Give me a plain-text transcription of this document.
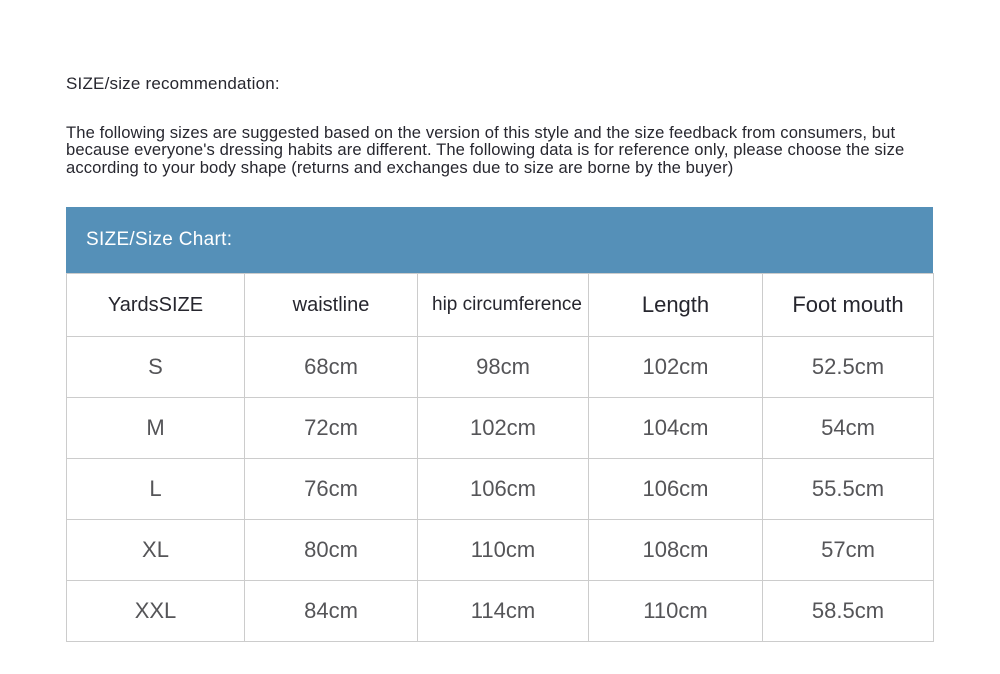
SIZE/size recommendation:
The following sizes are suggested based on the version of this style and the size feedback from consumers, but because everyone's dressing habits are different. The following data is for reference only, please choose the size according to your body shape (returns and exchanges due to size are borne by the buyer)
SIZE/Size Chart:
YardsSIZE	waistline	hip circumference	Length	Foot mouth
S	68cm	98cm	102cm	52.5cm
M	72cm	102cm	104cm	54cm
L	76cm	106cm	106cm	55.5cm
XL	80cm	110cm	108cm	57cm
XXL	84cm	114cm	110cm	58.5cm
